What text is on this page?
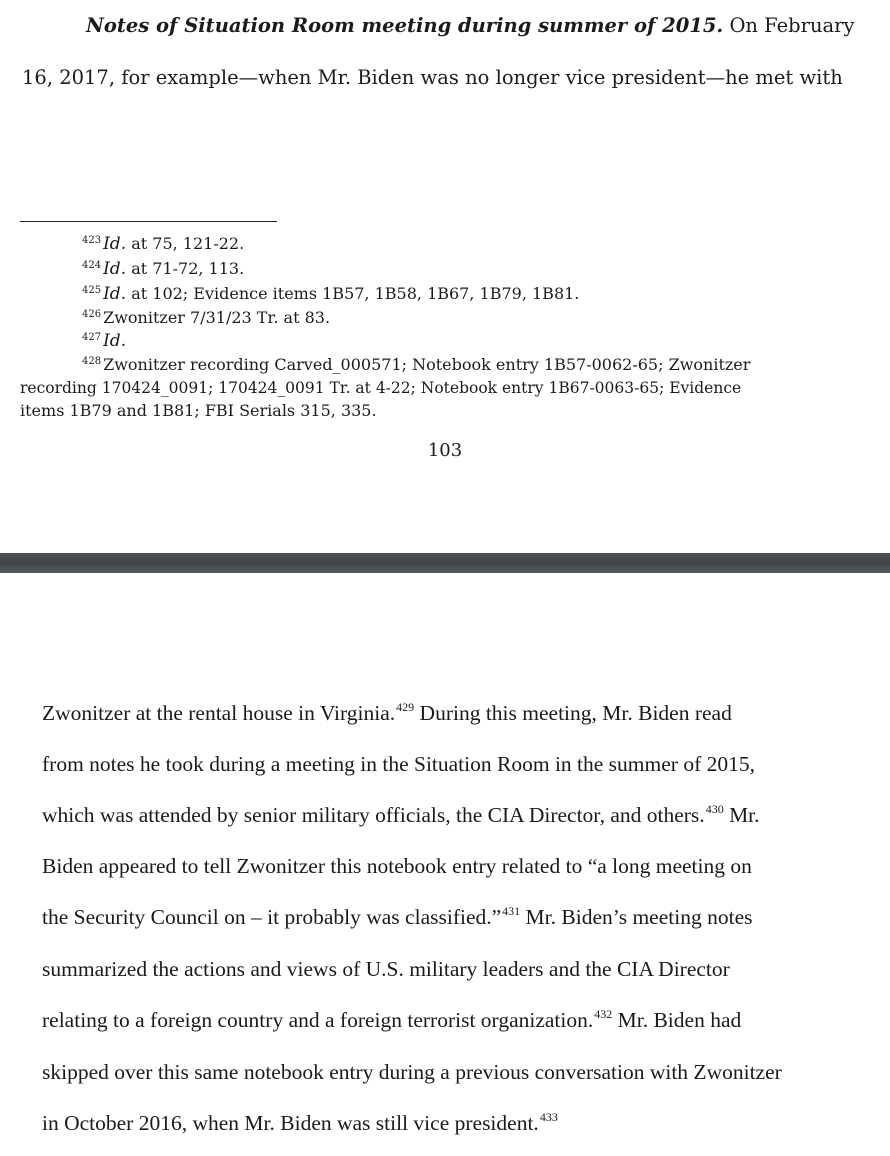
Notes of Situation Room meeting during summer of 2015. On February
16, 2017, for example—when Mr. Biden was no longer vice president—he met with
$^{423}$ Id. at 75, 121-22.
$^{424}$ Id. at 71-72, 113.
$^{425}$ Id. at 102; Evidence items 1B57, 1B58, 1B67, 1B79, 1B81.
$^{426}$ Zwonitzer 7/31/23 Tr. at 83.
$^{427}$ Id.
$^{428}$ Zwonitzer recording Carved_000571; Notebook entry 1B57-0062-65; Zwonitzer
recording 170424_0091; 170424_0091 Tr. at 4-22; Notebook entry 1B67-0063-65; Evidence
items 1B79 and 1B81; FBI Serials 315, 335.
103
Zwonitzer at the rental house in Virginia.$^{429}$ During this meeting, Mr. Biden read
from notes he took during a meeting in the Situation Room in the summer of 2015,
which was attended by senior military officials, the CIA Director, and others.$^{430}$ Mr.
Biden appeared to tell Zwonitzer this notebook entry related to “a long meeting on
the Security Council on – it probably was classified.”$^{431}$ Mr. Biden’s meeting notes
summarized the actions and views of U.S. military leaders and the CIA Director
relating to a foreign country and a foreign terrorist organization.$^{432}$ Mr. Biden had
skipped over this same notebook entry during a previous conversation with Zwonitzer
in October 2016, when Mr. Biden was still vice president.$^{433}$
